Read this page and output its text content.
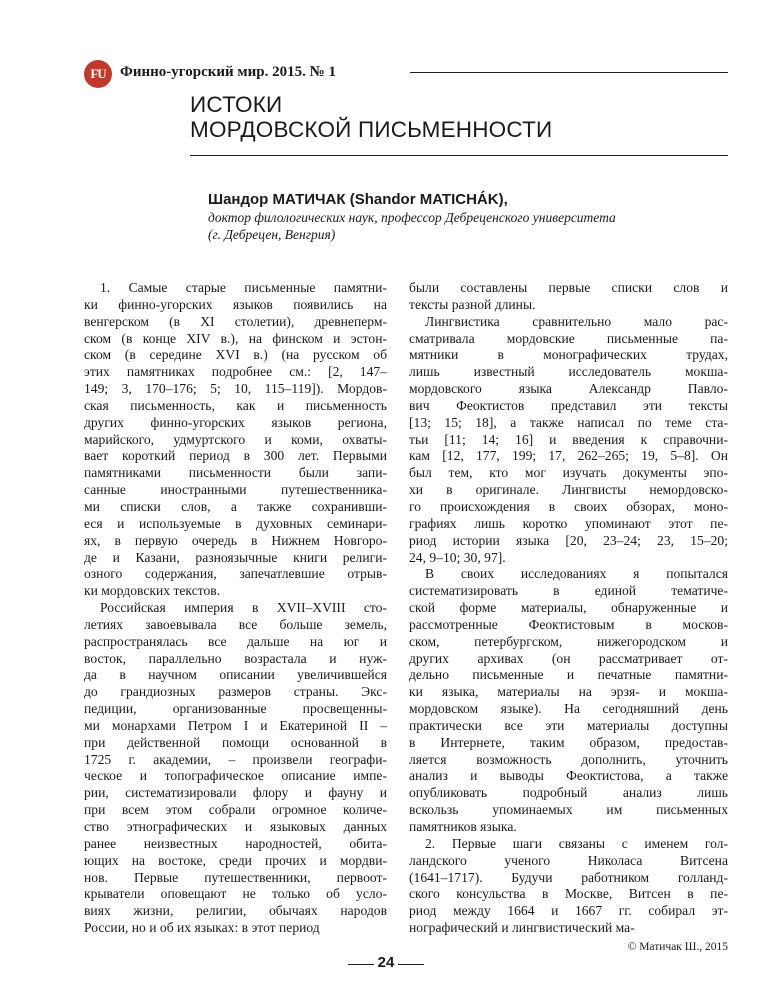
FU Финно-угорский мир. 2015. № 1
ИСТОКИ
МОРДОВСКОЙ ПИСЬМЕННОСТИ
Шандор МАТИЧАК (Shandor MATICHÁK),
доктор филологических наук, профессор Дебреценского университета
(г. Дебрецен, Венгрия)
1. Самые старые письменные памятни-
ки финно-угорских языков появились на
венгерском (в XI столетии), древнеперм-
ском (в конце XIV в.), на финском и эстон-
ском (в середине XVI в.) (на русском об
этих памятниках подробнее см.: [2, 147–
149; 3, 170–176; 5; 10, 115–119]). Мордов-
ская письменность, как и письменность
других финно-угорских языков региона,
марийского, удмуртского и коми, охваты-
вает короткий период в 300 лет. Первыми
памятниками письменности были запи-
санные иностранными путешественника-
ми списки слов, а также сохранивши-
еся и используемые в духовных семинари-
ях, в первую очередь в Нижнем Новгоро-
де и Казани, разноязычные книги религи-
озного содержания, запечатлевшие отрыв-
ки мордовских текстов.
Российская империя в XVII–XVIII сто-
летиях завоевывала все больше земель,
распространялась все дальше на юг и
восток, параллельно возрастала и нуж-
да в научном описании увеличившейся
до грандиозных размеров страны. Экс-
педиции, организованные просвещенны-
ми монархами Петром I и Екатериной II –
при действенной помощи основанной в
1725 г. академии, – произвели географи-
ческое и топографическое описание импе-
рии, систематизировали флору и фауну и
при всем этом собрали огромное количе-
ство этнографических и языковых данных
ранее неизвестных народностей, обита-
ющих на востоке, среди прочих и мордви-
нов. Первые путешественники, первоот-
крыватели оповещают не только об усло-
виях жизни, религии, обычаях народов
России, но и об их языках: в этот период
были составлены первые списки слов и
тексты разной длины.
Лингвистика сравнительно мало рас-
сматривала мордовские письменные па-
мятники в монографических трудах,
лишь известный исследователь мокша-
мордовского языка Александр Павло-
вич Феоктистов представил эти тексты
[13; 15; 18], а также написал по теме ста-
тьи [11; 14; 16] и введения к справочни-
кам [12, 177, 199; 17, 262–265; 19, 5–8]. Он
был тем, кто мог изучать документы эпо-
хи в оригинале. Лингвисты немордовско-
го происхождения в своих обзорах, моно-
графиях лишь коротко упоминают этот пе-
риод истории языка [20, 23–24; 23, 15–20;
24, 9–10; 30, 97].
В своих исследованиях я попытался
систематизировать в единой тематиче-
ской форме материалы, обнаруженные и
рассмотренные Феоктистовым в москов-
ском, петербургском, нижегородском и
других архивах (он рассматривает от-
дельно письменные и печатные памятни-
ки языка, материалы на эрзя- и мокша-
мордовском языке). На сегодняшний день
практически все эти материалы доступны
в Интернете, таким образом, предостав-
ляется возможность дополнить, уточнить
анализ и выводы Феоктистова, а также
опубликовать подробный анализ лишь
вскользь упоминаемых им письменных
памятников языка.
2. Первые шаги связаны с именем гол-
ландского ученого Николаса Витсена
(1641–1717). Будучи работником голланд-
ского консульства в Москве, Витсен в пе-
риод между 1664 и 1667 гг. собирал эт-
нографический и лингвистический ма-
© Матичак Ш., 2015
24
